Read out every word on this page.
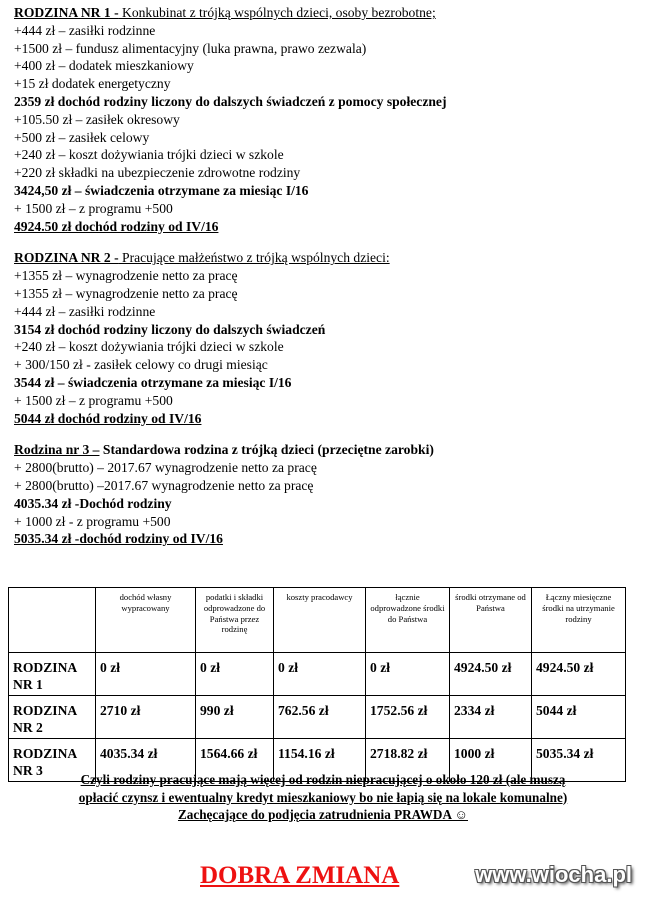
RODZINA NR 1 - Konkubinat z trójką wspólnych dzieci, osoby bezrobotne;
+444 zł – zasiłki rodzinne
+1500 zł – fundusz alimentacyjny (luka prawna, prawo zezwala)
+400 zł – dodatek mieszkaniowy
+15 zł dodatek energetyczny
2359 zł dochód rodziny liczony do dalszych świadczeń z pomocy społecznej
+105.50 zł – zasiłek okresowy
+500 zł – zasiłek celowy
+240 zł – koszt dożywiania trójki dzieci w szkole
+220 zł składki na ubezpieczenie zdrowotne rodziny
3424,50 zł – świadczenia otrzymane za miesiąc I/16
+ 1500 zł – z programu +500
4924.50 zł dochód rodziny od IV/16
RODZINA NR 2 - Pracujące małżeństwo z trójką wspólnych dzieci:
+1355 zł – wynagrodzenie netto za pracę
+1355 zł – wynagrodzenie netto za pracę
+444 zł – zasiłki rodzinne
3154 zł dochód rodziny liczony do dalszych świadczeń
+240 zł – koszt dożywiania trójki dzieci w szkole
+ 300/150 zł - zasiłek celowy co drugi miesiąc
3544 zł – świadczenia otrzymane za miesiąc I/16
+ 1500 zł – z programu +500
5044 zł dochód rodziny od IV/16
Rodzina nr 3 – Standardowa rodzina z trójką dzieci (przeciętne zarobki)
+ 2800(brutto) – 2017.67 wynagrodzenie netto za pracę
+ 2800(brutto) –2017.67 wynagrodzenie netto za pracę
4035.34 zł -Dochód rodziny
+ 1000 zł - z programu +500
5035.34 zł -dochód rodziny od IV/16
	dochód własny wypracowany	podatki i składki odprowadzone do Państwa przez rodzinę	koszty pracodawcy	łącznie odprowadzone środki do Państwa	środki otrzymane od Państwa	Łączny miesięczne środki na utrzymanie rodziny
RODZINA NR 1	0 zł	0 zł	0 zł	0 zł	4924.50 zł	4924.50 zł
RODZINA NR 2	2710 zł	990 zł	762.56 zł	1752.56 zł	2334 zł	5044 zł
RODZINA NR 3	4035.34 zł	1564.66 zł	1154.16 zł	2718.82 zł	1000 zł	5035.34 zł
Czyli rodziny pracujące mają więcej od rodzin niepracującej o około 120 zł (ale muszą
opłacić czynsz i ewentualny kredyt mieszkaniowy bo nie łapią się na lokale komunalne)
Zachęcające do podjęcia zatrudnienia PRAWDA ☺
DOBRA ZMIANA	www.wiocha.pl
